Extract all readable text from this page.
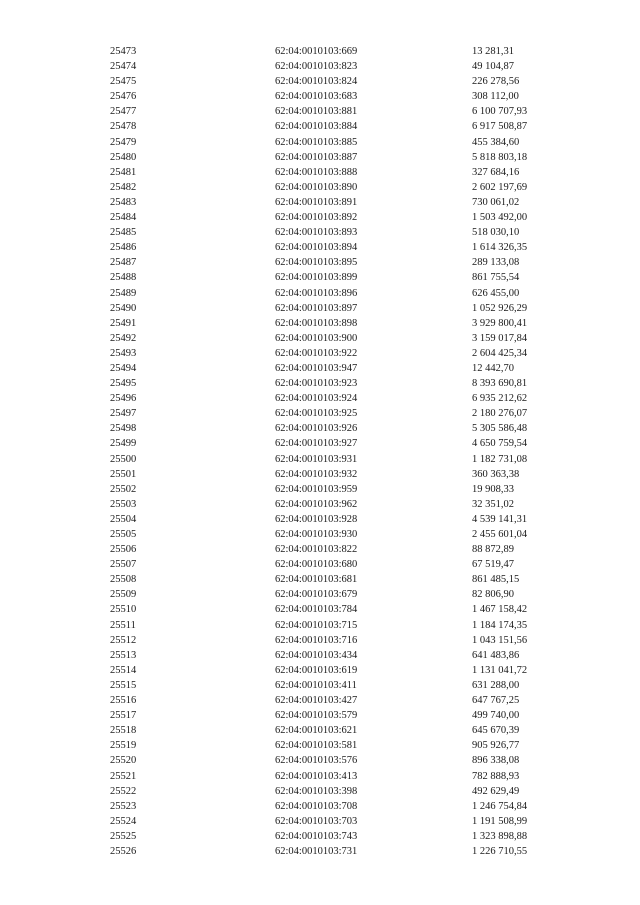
25473	62:04:0010103:669	13 281,31
25474	62:04:0010103:823	49 104,87
25475	62:04:0010103:824	226 278,56
25476	62:04:0010103:683	308 112,00
25477	62:04:0010103:881	6 100 707,93
25478	62:04:0010103:884	6 917 508,87
25479	62:04:0010103:885	455 384,60
25480	62:04:0010103:887	5 818 803,18
25481	62:04:0010103:888	327 684,16
25482	62:04:0010103:890	2 602 197,69
25483	62:04:0010103:891	730 061,02
25484	62:04:0010103:892	1 503 492,00
25485	62:04:0010103:893	518 030,10
25486	62:04:0010103:894	1 614 326,35
25487	62:04:0010103:895	289 133,08
25488	62:04:0010103:899	861 755,54
25489	62:04:0010103:896	626 455,00
25490	62:04:0010103:897	1 052 926,29
25491	62:04:0010103:898	3 929 800,41
25492	62:04:0010103:900	3 159 017,84
25493	62:04:0010103:922	2 604 425,34
25494	62:04:0010103:947	12 442,70
25495	62:04:0010103:923	8 393 690,81
25496	62:04:0010103:924	6 935 212,62
25497	62:04:0010103:925	2 180 276,07
25498	62:04:0010103:926	5 305 586,48
25499	62:04:0010103:927	4 650 759,54
25500	62:04:0010103:931	1 182 731,08
25501	62:04:0010103:932	360 363,38
25502	62:04:0010103:959	19 908,33
25503	62:04:0010103:962	32 351,02
25504	62:04:0010103:928	4 539 141,31
25505	62:04:0010103:930	2 455 601,04
25506	62:04:0010103:822	88 872,89
25507	62:04:0010103:680	67 519,47
25508	62:04:0010103:681	861 485,15
25509	62:04:0010103:679	82 806,90
25510	62:04:0010103:784	1 467 158,42
25511	62:04:0010103:715	1 184 174,35
25512	62:04:0010103:716	1 043 151,56
25513	62:04:0010103:434	641 483,86
25514	62:04:0010103:619	1 131 041,72
25515	62:04:0010103:411	631 288,00
25516	62:04:0010103:427	647 767,25
25517	62:04:0010103:579	499 740,00
25518	62:04:0010103:621	645 670,39
25519	62:04:0010103:581	905 926,77
25520	62:04:0010103:576	896 338,08
25521	62:04:0010103:413	782 888,93
25522	62:04:0010103:398	492 629,49
25523	62:04:0010103:708	1 246 754,84
25524	62:04:0010103:703	1 191 508,99
25525	62:04:0010103:743	1 323 898,88
25526	62:04:0010103:731	1 226 710,55
